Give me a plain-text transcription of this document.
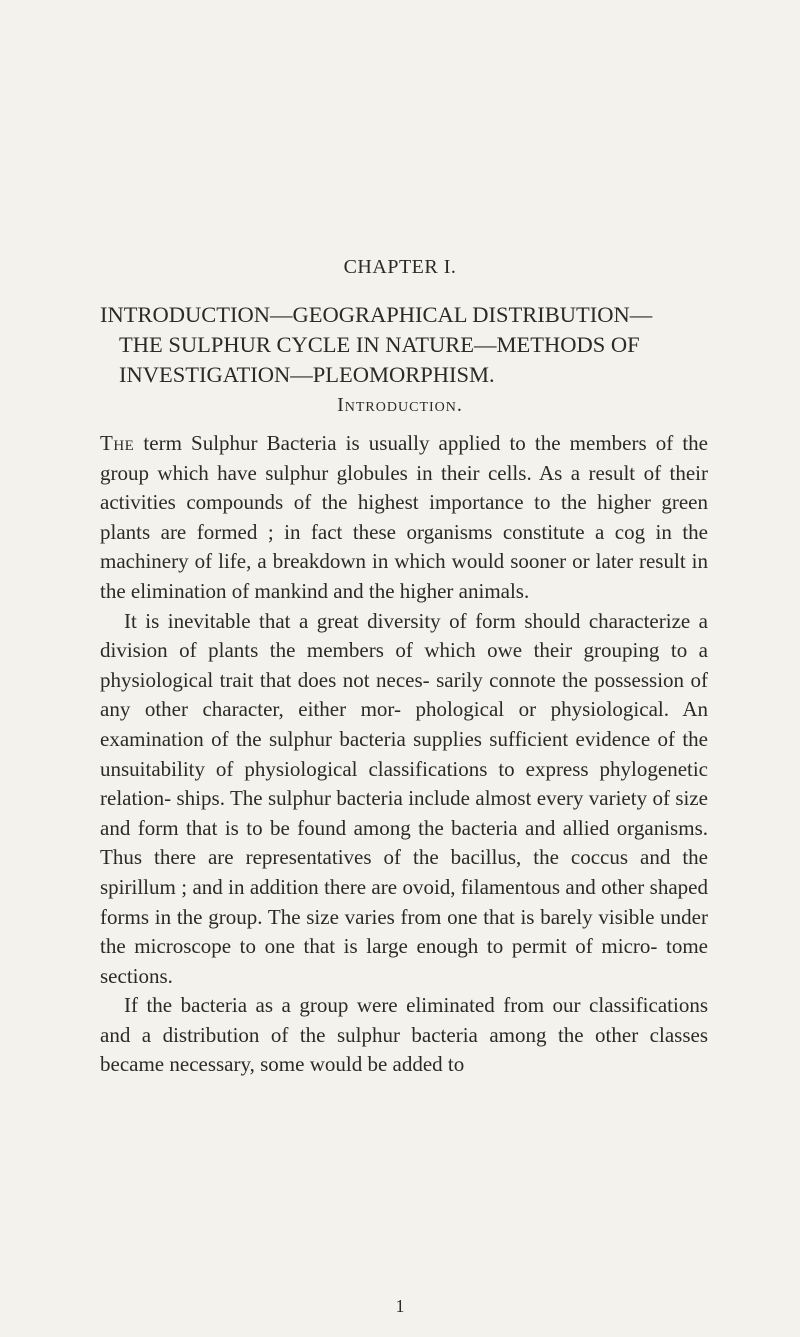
CHAPTER I.
INTRODUCTION—GEOGRAPHICAL DISTRIBUTION—
THE SULPHUR CYCLE IN NATURE—METHODS OF
INVESTIGATION—PLEOMORPHISM.
Introduction.

The term Sulphur Bacteria is usually applied to the members of the group which have sulphur globules in their cells. As a result of their activities compounds of the highest importance to the higher green plants are formed ; in fact these organisms constitute a cog in the machinery of life, a breakdown in which would sooner or later result in the elimination of mankind and the higher animals.

It is inevitable that a great diversity of form should characterize a division of plants the members of which owe their grouping to a physiological trait that does not neces- sarily connote the possession of any other character, either mor- phological or physiological. An examination of the sulphur bacteria supplies sufficient evidence of the unsuitability of physiological classifications to express phylogenetic relation- ships. The sulphur bacteria include almost every variety of size and form that is to be found among the bacteria and allied organisms. Thus there are representatives of the bacillus, the coccus and the spirillum ; and in addition there are ovoid, filamentous and other shaped forms in the group. The size varies from one that is barely visible under the microscope to one that is large enough to permit of micro- tome sections.

If the bacteria as a group were eliminated from our classifications and a distribution of the sulphur bacteria among the other classes became necessary, some would be added to

1
